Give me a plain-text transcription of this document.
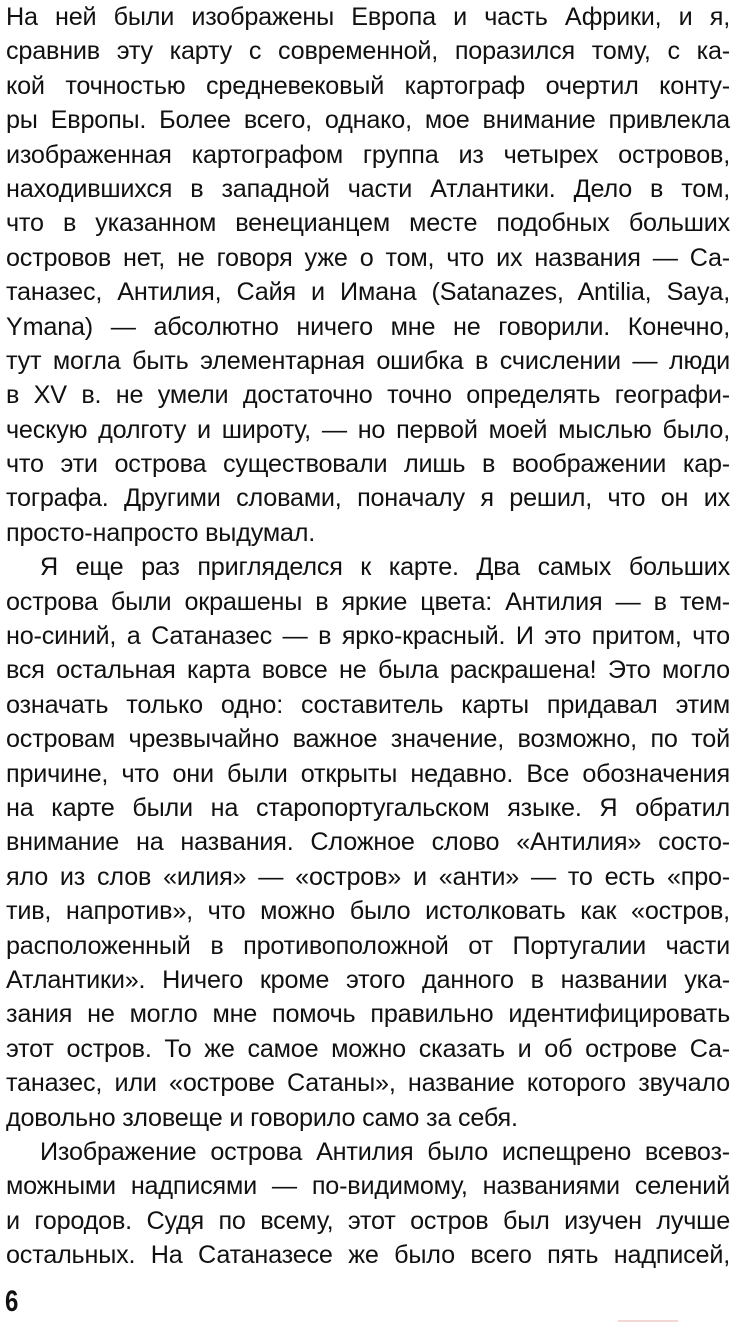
На ней были изображены Европа и часть Африки, и я,
сравнив эту карту с современной, поразился тому, с ка-
кой точностью средневековый картограф очертил конту-
ры Европы. Более всего, однако, мое внимание привлекла
изображенная картографом группа из четырех островов,
находившихся в западной части Атлантики. Дело в том,
что в указанном венецианцем месте подобных больших
островов нет, не говоря уже о том, что их названия — Са-
таназес, Антилия, Сайя и Имана (Satanazes, Antilia, Saya,
Ymana) — абсолютно ничего мне не говорили. Конечно,
тут могла быть элементарная ошибка в счислении — люди
в XV в. не умели достаточно точно определять географи-
ческую долготу и широту, — но первой моей мыслью было,
что эти острова существовали лишь в воображении кар-
тографа. Другими словами, поначалу я решил, что он их
просто-напросто выдумал.
Я еще раз пригляделся к карте. Два самых больших
острова были окрашены в яркие цвета: Антилия — в тем-
но-синий, а Сатаназес — в ярко-красный. И это притом, что
вся остальная карта вовсе не была раскрашена! Это могло
означать только одно: составитель карты придавал этим
островам чрезвычайно важное значение, возможно, по той
причине, что они были открыты недавно. Все обозначения
на карте были на старопортугальском языке. Я обратил
внимание на названия. Сложное слово «Антилия» состо-
яло из слов «илия» — «остров» и «анти» — то есть «про-
тив, напротив», что можно было истолковать как «остров,
расположенный в противоположной от Португалии части
Атлантики». Ничего кроме этого данного в названии ука-
зания не могло мне помочь правильно идентифицировать
этот остров. То же самое можно сказать и об острове Са-
таназес, или «острове Сатаны», название которого звучало
довольно зловеще и говорило само за себя.
Изображение острова Антилия было испещрено всевоз-
можными надписями — по-видимому, названиями селений
и городов. Судя по всему, этот остров был изучен лучше
остальных. На Сатаназесе же было всего пять надписей,
6
